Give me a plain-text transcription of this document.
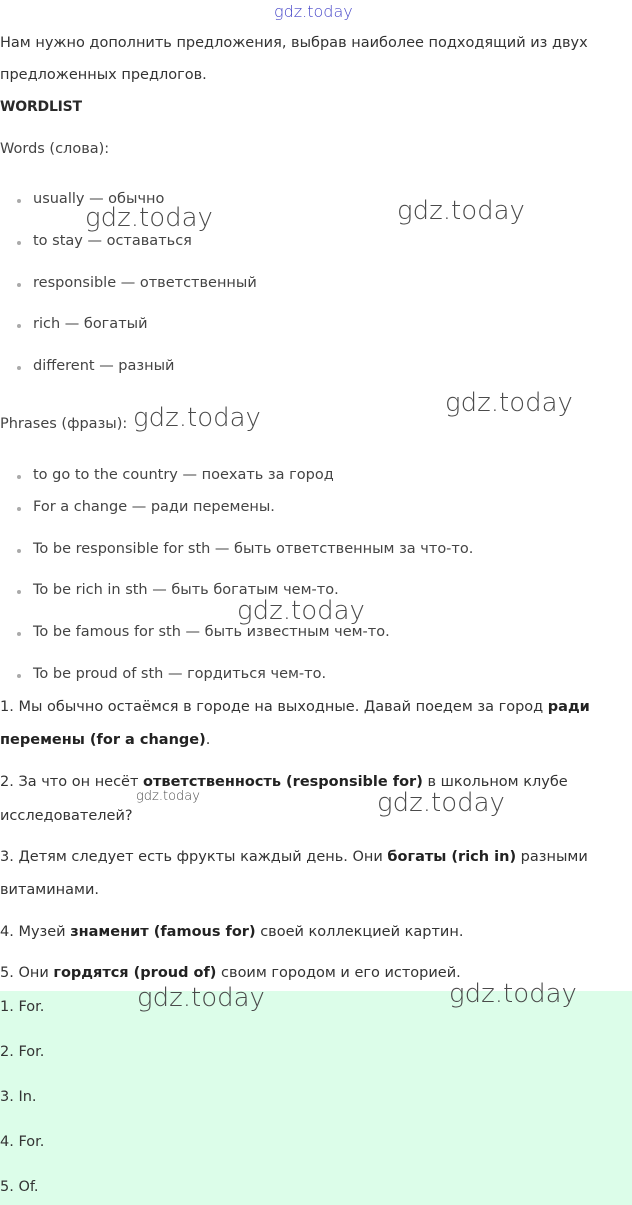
gdz.today
Нам нужно дополнить предложения, выбрав наиболее подходящий из двух
предложенных предлогов.
WORDLIST
Words (слова):
usually — обычно
to stay — оставаться
responsible — ответственный
rich — богатый
different — разный
Phrases (фразы):
to go to the country — поехать за город
For a change — ради перемены.
To be responsible for sth — быть ответственным за что-то.
To be rich in sth — быть богатым чем-то.
To be famous for sth — быть известным чем-то.
To be proud of sth — гордиться чем-то.
1. Мы обычно остаёмся в городе на выходные. Давай поедем за город ради
перемены (for a change).
2. За что он несёт ответственность (responsible for) в школьном клубе
исследователей?
3. Детям следует есть фрукты каждый день. Они богаты (rich in) разными
витаминами.
4. Музей знаменит (famous for) своей коллекцией картин.
5. Они гордятся (proud of) своим городом и его историей.
1. For.
2. For.
3. In.
4. For.
5. Of.
gdz.today	gdz.today
gdz.today	gdz.today
gdz.today
gdz.today	gdz.today
gdz.today	gdz.today
